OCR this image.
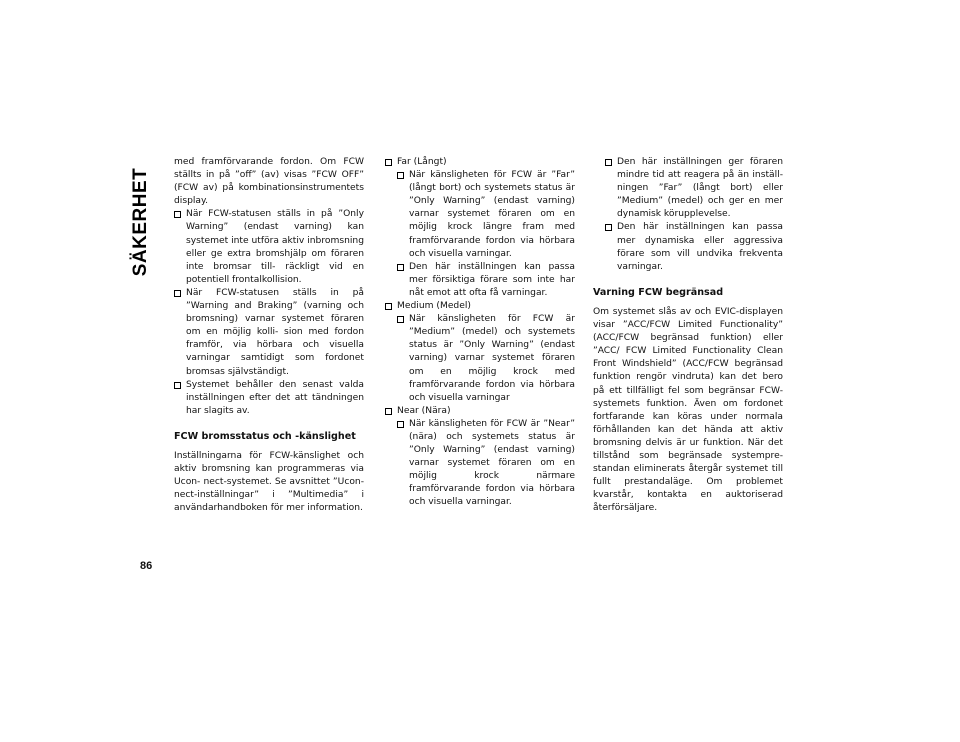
SÄKERHET

med framförvarande fordon. Om FCW ställts in på ”off” (av) visas ”FCW OFF” (FCW av) på kombinationsinstrumentets display.

När FCW-statusen ställs in på ”Only Warning” (endast varning) kan systemet inte utföra aktiv inbromsning eller ge extra bromshjälp om föraren inte bromsar till- räckligt vid en potentiell frontalkollision.
När FCW-statusen ställs in på ”Warning and Braking” (varning och bromsning) varnar systemet föraren om en möjlig kolli- sion med fordon framför, via hörbara och visuella varningar samtidigt som fordonet bromsas självständigt.
Systemet behåller den senast valda inställningen efter det att tändningen har slagits av.
FCW bromsstatus och -känslighet

Inställningarna för FCW-känslighet och aktiv bromsning kan programmeras via Ucon- nect-systemet. Se avsnittet ”Ucon- nect-inställningar” i ”Multimedia” i användarhandboken för mer information.

Far (Långt)
När känsligheten för FCW är ”Far” (långt bort) och systemets status är ”Only Warning” (endast varning) varnar systemet föraren om en möjlig krock längre fram med framförvarande fordon via hörbara och visuella varningar.
Den här inställningen kan passa mer försiktiga förare som inte har nåt emot att ofta få varningar.
Medium (Medel)
När känsligheten för FCW är ”Medium” (medel) och systemets status är ”Only Warning” (endast varning) varnar systemet föraren om en möjlig krock med framförvarande fordon via hörbara och visuella varningar
Near (Nära)
När känsligheten för FCW är ”Near” (nära) och systemets status är ”Only Warning” (endast varning) varnar systemet föraren om en möjlig krock närmare framförvarande fordon via hörbara och visuella varningar.
Den här inställningen ger föraren mindre tid att reagera på än inställ- ningen ”Far” (långt bort) eller ”Medium” (medel) och ger en mer dynamisk körupplevelse.
Den här inställningen kan passa mer dynamiska eller aggressiva förare som vill undvika frekventa varningar.
Varning FCW begränsad

Om systemet slås av och EVIC-displayen visar ”ACC/FCW Limited Functionality” (ACC/FCW begränsad funktion) eller ”ACC/ FCW Limited Functionality Clean Front Windshield” (ACC/FCW begränsad funktion rengör vindruta) kan det bero på ett tillfälligt fel som begränsar FCW-systemets funktion. Även om fordonet fortfarande kan köras under normala förhållanden kan det hända att aktiv bromsning delvis är ur funktion. När det tillstånd som begränsade systempre- standan eliminerats återgår systemet till fullt prestandaläge. Om problemet kvarstår, kontakta en auktoriserad återförsäljare.

86
